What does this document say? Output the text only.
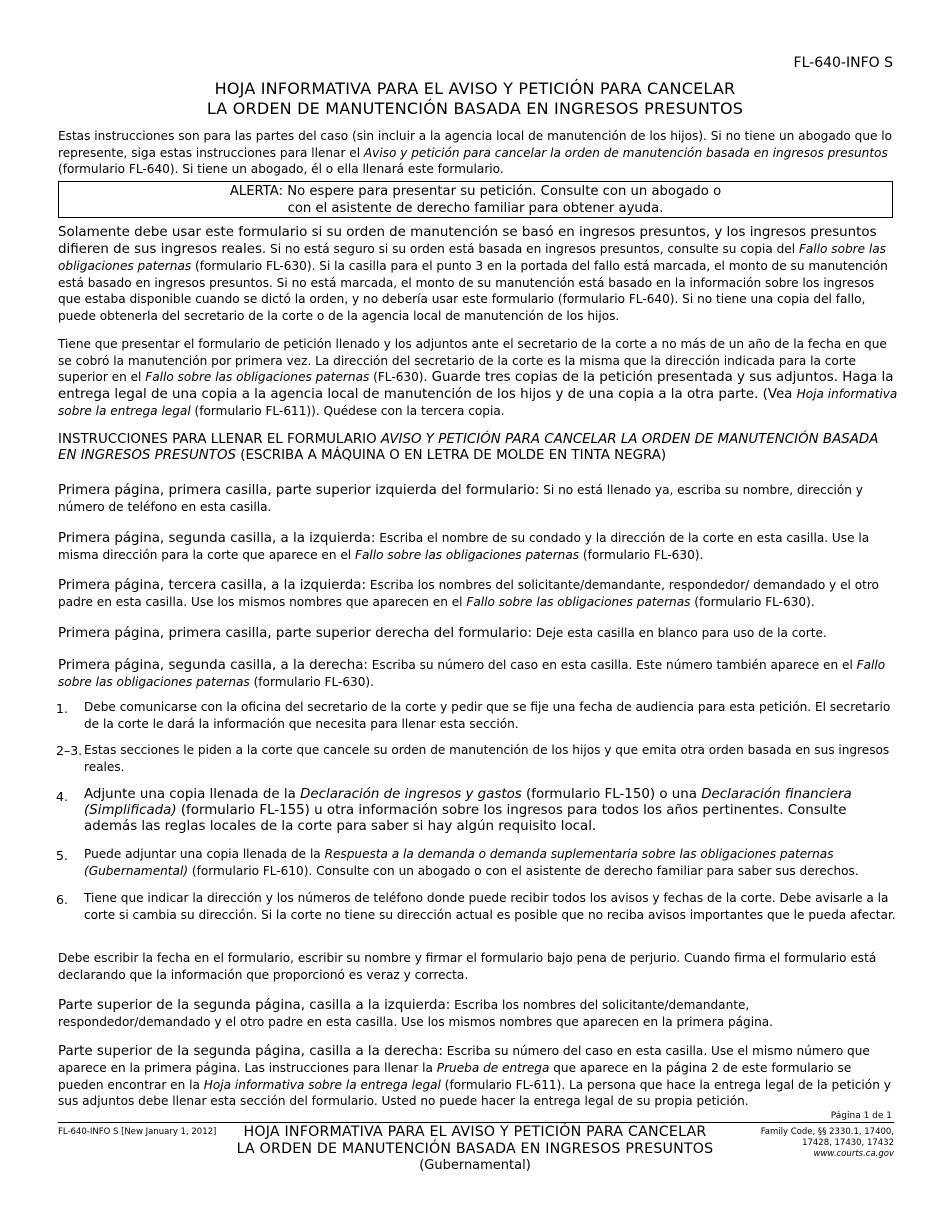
FL-640-INFO S
HOJA INFORMATIVA PARA EL AVISO Y PETICIÓN PARA CANCELAR
LA ORDEN DE MANUTENCIÓN BASADA EN INGRESOS PRESUNTOS
Estas instrucciones son para las partes del caso (sin incluir a la agencia local de manutención de los hijos). Si no tiene un abogado que lo represente, siga estas instrucciones para llenar el Aviso y petición para cancelar la orden de manutención basada en ingresos presuntos (formulario FL-640). Si tiene un abogado, él o ella llenará este formulario.
ALERTA: No espere para presentar su petición. Consulte con un abogado o
con el asistente de derecho familiar para obtener ayuda.
Solamente debe usar este formulario si su orden de manutención se basó en ingresos presuntos, y los ingresos presuntos difieren de sus ingresos reales. Si no está seguro si su orden está basada en ingresos presuntos, consulte su copia del Fallo sobre las obligaciones paternas (formulario FL-630). Si la casilla para el punto 3 en la portada del fallo está marcada, el monto de su manutención está basado en ingresos presuntos. Si no está marcada, el monto de su manutención está basado en la información sobre los ingresos que estaba disponible cuando se dictó la orden, y no debería usar este formulario (formulario FL-640). Si no tiene una copia del fallo, puede obtenerla del secretario de la corte o de la agencia local de manutención de los hijos.
Tiene que presentar el formulario de petición llenado y los adjuntos ante el secretario de la corte a no más de un año de la fecha en que se cobró la manutención por primera vez. La dirección del secretario de la corte es la misma que la dirección indicada para la corte superior en el Fallo sobre las obligaciones paternas (FL-630). Guarde tres copias de la petición presentada y sus adjuntos. Haga la entrega legal de una copia a la agencia local de manutención de los hijos y de una copia a la otra parte. (Vea Hoja informativa sobre la entrega legal (formulario FL-611)). Quédese con la tercera copia.
INSTRUCCIONES PARA LLENAR EL FORMULARIO AVISO Y PETICIÓN PARA CANCELAR LA ORDEN DE MANUTENCIÓN BASADA EN INGRESOS PRESUNTOS (ESCRIBA A MÁQUINA O EN LETRA DE MOLDE EN TINTA NEGRA)
Primera página, primera casilla, parte superior izquierda del formulario: Si no está llenado ya, escriba su nombre, dirección y número de teléfono en esta casilla.
Primera página, segunda casilla, a la izquierda: Escriba el nombre de su condado y la dirección de la corte en esta casilla. Use la misma dirección para la corte que aparece en el Fallo sobre las obligaciones paternas (formulario FL-630).
Primera página, tercera casilla, a la izquierda: Escriba los nombres del solicitante/demandante, respondedor/ demandado y el otro padre en esta casilla. Use los mismos nombres que aparecen en el Fallo sobre las obligaciones paternas (formulario FL-630).
Primera página, primera casilla, parte superior derecha del formulario: Deje esta casilla en blanco para uso de la corte.
Primera página, segunda casilla, a la derecha: Escriba su número del caso en esta casilla. Este número también aparece en el Fallo sobre las obligaciones paternas (formulario FL-630).
1. Debe comunicarse con la oficina del secretario de la corte y pedir que se fije una fecha de audiencia para esta petición. El secretario de la corte le dará la información que necesita para llenar esta sección.
2–3. Estas secciones le piden a la corte que cancele su orden de manutención de los hijos y que emita otra orden basada en sus ingresos reales.
4. Adjunte una copia llenada de la Declaración de ingresos y gastos (formulario FL-150) o una Declaración financiera (Simplificada) (formulario FL-155) u otra información sobre los ingresos para todos los años pertinentes. Consulte además las reglas locales de la corte para saber si hay algún requisito local.
5. Puede adjuntar una copia llenada de la Respuesta a la demanda o demanda suplementaria sobre las obligaciones paternas (Gubernamental) (formulario FL-610). Consulte con un abogado o con el asistente de derecho familiar para saber sus derechos.
6. Tiene que indicar la dirección y los números de teléfono donde puede recibir todos los avisos y fechas de la corte. Debe avisarle a la corte si cambia su dirección. Si la corte no tiene su dirección actual es posible que no reciba avisos importantes que le pueda afectar.
Debe escribir la fecha en el formulario, escribir su nombre y firmar el formulario bajo pena de perjurio. Cuando firma el formulario está declarando que la información que proporcionó es veraz y correcta.
Parte superior de la segunda página, casilla a la izquierda: Escriba los nombres del solicitante/demandante, respondedor/demandado y el otro padre en esta casilla. Use los mismos nombres que aparecen en la primera página.
Parte superior de la segunda página, casilla a la derecha: Escriba su número del caso en esta casilla. Use el mismo número que aparece en la primera página. Las instrucciones para llenar la Prueba de entrega que aparece en la página 2 de este formulario se pueden encontrar en la Hoja informativa sobre la entrega legal (formulario FL-611). La persona que hace la entrega legal de la petición y sus adjuntos debe llenar esta sección del formulario. Usted no puede hacer la entrega legal de su propia petición.
Página 1 de 1
FL-640-INFO S [New January 1, 2012]	HOJA INFORMATIVA PARA EL AVISO Y PETICIÓN PARA CANCELAR
LA ORDEN DE MANUTENCIÓN BASADA EN INGRESOS PRESUNTOS
(Gubernamental)
Family Code, §§ 2330.1, 17400,
17428, 17430, 17432
www.courts.ca.gov
